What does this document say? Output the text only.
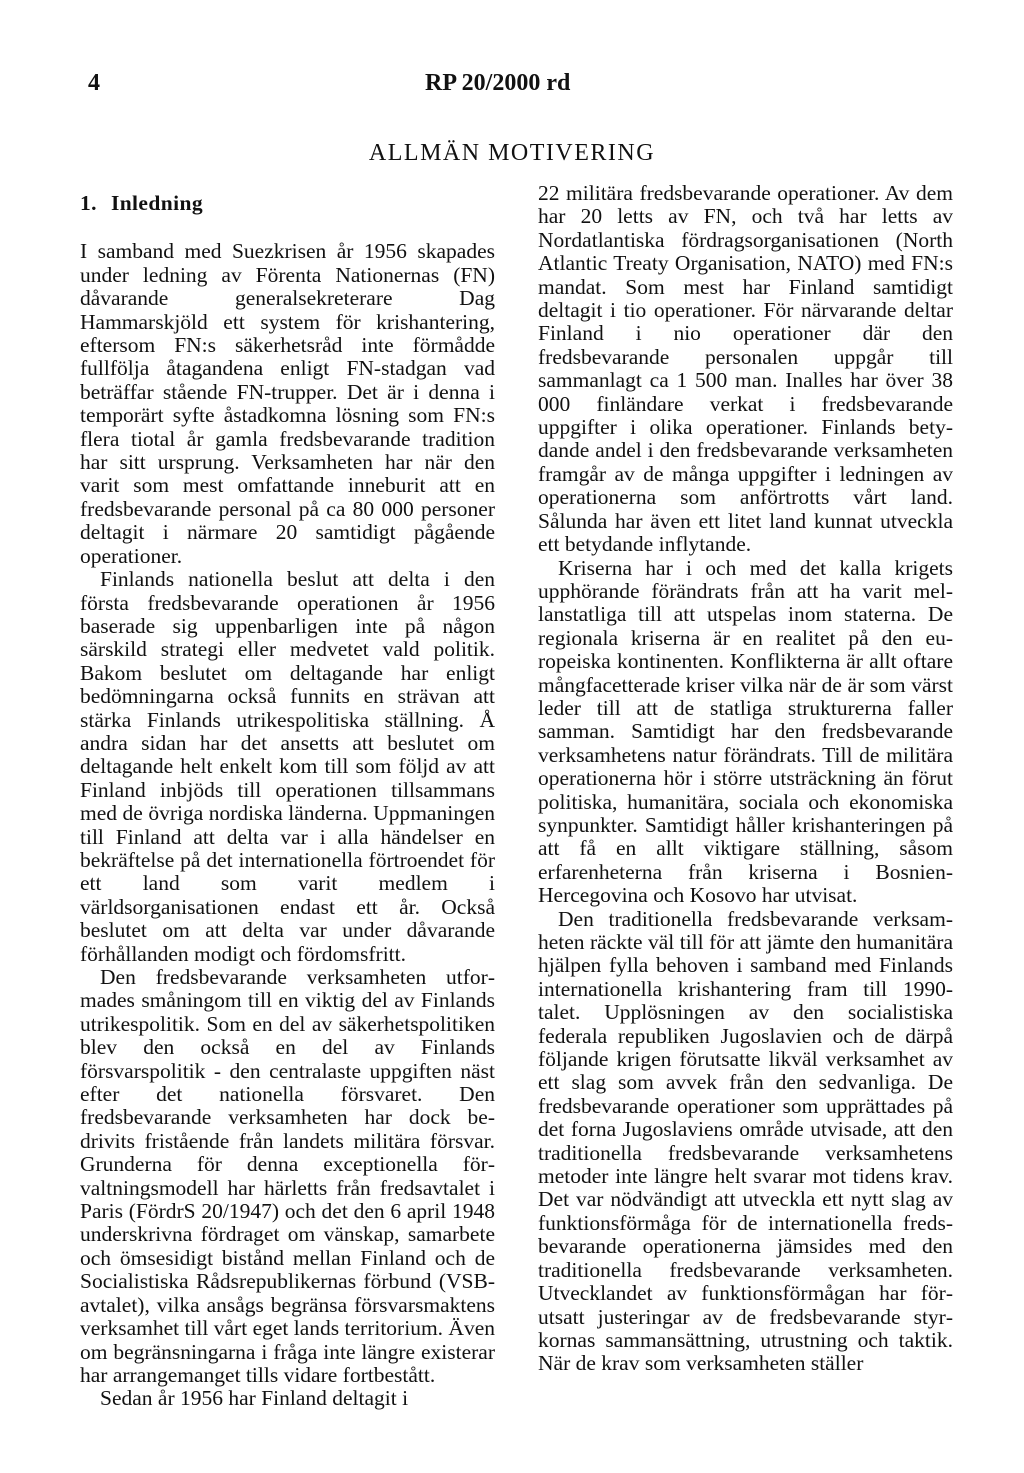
4	RP 20/2000 rd
ALLMÄN MOTIVERING
1. Inledning

I samband med Suezkrisen år 1956 skapades under ledning av Förenta Nationernas (FN) dåvarande generalsekreterare Dag Hammarskjöld ett system för krishantering, eftersom FN:s säkerhetsråd inte förmådde fullfölja åtagandena enligt FN-stadgan vad beträffar stående FN-trupper. Det är i denna i temporärt syfte åstadkomna lösning som FN:s flera tiotal år gamla fredsbevarande tradition har sitt ursprung. Verksamheten har när den varit som mest omfattande inneburit att en fredsbevarande personal på ca 80 000 personer deltagit i närmare 20 samtidigt pågående operationer.

Finlands nationella beslut att delta i den första fredsbevarande operationen år 1956 baserade sig uppenbarligen inte på någon särskild strategi eller medvetet vald politik. Bakom beslutet om deltagande har enligt bedömningarna också funnits en strävan att stärka Finlands utrikespolitiska ställning. Å andra sidan har det ansetts att beslutet om deltagande helt enkelt kom till som följd av att Finland inbjöds till operationen tillsammans med de övriga nordiska länderna. Uppmaningen till Finland att delta var i alla händelser en bekräftelse på det internationella förtroendet för ett land som varit medlem i världsorganisationen endast ett år. Också beslutet om att delta var under dåvarande förhållanden modigt och fördomsfritt.

Den fredsbevarande verksamheten utformades småningom till en viktig del av Finlands utrikespolitik. Som en del av säkerhetspolitiken blev den också en del av Finlands försvarspolitik - den centralaste uppgiften näst efter det nationella försvaret. Den fredsbevarande verksamheten har dock bedrivits fristående från landets militära försvar. Grunderna för denna exceptionella förvaltningsmodell har härletts från fredsavtalet i Paris (FördrS 20/1947) och det den 6 april 1948 underskrivna fördraget om vänskap, samarbete och ömsesidigt bistånd mellan Finland och de Socialistiska Rådsrepublikernas förbund (VSB-avtalet), vilka ansågs begränsa försvarsmaktens verksamhet till vårt eget lands territorium. Även om begränsningarna i fråga inte längre existerar har arrangemanget tills vidare fortbestått.

Sedan år 1956 har Finland deltagit i

22 militära fredsbevarande operationer. Av dem har 20 letts av FN, och två har letts av Nordatlantiska fördragsorganisationen (North Atlantic Treaty Organisation, NATO) med FN:s mandat. Som mest har Finland samtidigt deltagit i tio operationer. För närvarande deltar Finland i nio operationer där den fredsbevarande personalen uppgår till sammanlagt ca 1 500 man. Inalles har över 38 000 finländare verkat i fredsbevarande uppgifter i olika operationer. Finlands betydande andel i den fredsbevarande verksamheten framgår av de många uppgifter i ledningen av operationerna som anförtrotts vårt land. Sålunda har även ett litet land kunnat utveckla ett betydande inflytande.

Kriserna har i och med det kalla krigets upphörande förändrats från att ha varit mellanstatliga till att utspelas inom staterna. De regionala kriserna är en realitet på den europeiska kontinenten. Konflikterna är allt oftare mångfacetterade kriser vilka när de är som värst leder till att de statliga strukturerna faller samman. Samtidigt har den fredsbevarande verksamhetens natur förändrats. Till de militära operationerna hör i större utsträckning än förut politiska, humanitära, sociala och ekonomiska synpunkter. Samtidigt håller krishanteringen på att få en allt viktigare ställning, såsom erfarenheterna från kriserna i Bosnien-Hercegovina och Kosovo har utvisat.

Den traditionella fredsbevarande verksamheten räckte väl till för att jämte den humanitära hjälpen fylla behoven i samband med Finlands internationella krishantering fram till 1990-talet. Upplösningen av den socialistiska federala republiken Jugoslavien och de därpå följande krigen förutsatte likväl verksamhet av ett slag som avvek från den sedvanliga. De fredsbevarande operationer som upprättades på det forna Jugoslaviens område utvisade, att den traditionella fredsbevarande verksamhetens metoder inte längre helt svarar mot tidens krav. Det var nödvändigt att utveckla ett nytt slag av funktionsförmåga för de internationella fredsbevarande operationerna jämsides med den traditionella fredsbevarande verksamheten. Utvecklandet av funktionsförmågan har förutsatt justeringar av de fredsbevarande styrkornas sammansättning, utrustning och taktik. När de krav som verksamheten ställer
